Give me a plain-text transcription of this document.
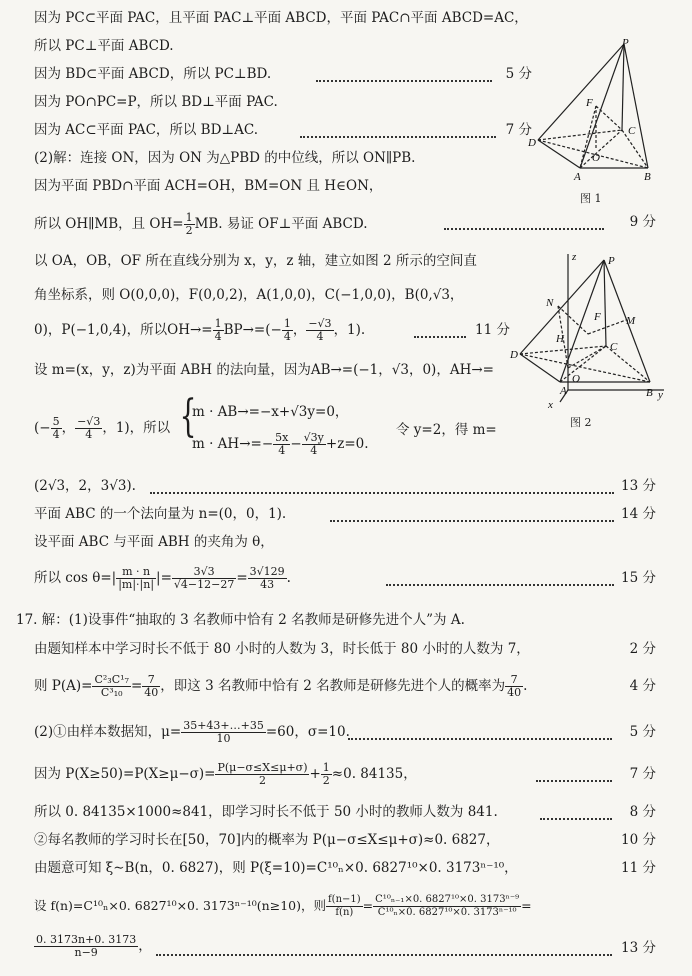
因为 PC⊂平面 PAC，且平面 PAC⊥平面 ABCD，平面 PAC∩平面 ABCD=AC，
所以 PC⊥平面 ABCD.
因为 BD⊂平面 ABCD，所以 PC⊥BD.	5 分
因为 PO∩PC=P，所以 BD⊥平面 PAC.
因为 AC⊂平面 PAC，所以 BD⊥AC.	7 分
(2)解：连接 ON，因为 ON 为△PBD 的中位线，所以 ON∥PB.
因为平面 PBD∩平面 ACH=OH，BM=ON 且 H∈ON，
所以 OH∥MB，且 $OH= \frac{1}{2}$ MB. 易证 OF⊥平面 ABCD.	9 分
以 OA，OB，OF 所在直线分别为 x，y，z 轴，建立如图 2 所示的空间直
角坐标系，则 O(0,0,0)，F(0,0,2)，A(1,0,0)，C(−1,0,0)，B(0,√3，
0)，P(−1,0,4)，所以$OH\to= \frac{1}{4} BP\to=(- \frac{1}{4}$ ， $\frac{-√3}{4}$ ，1).	11 分
设 m=(x，y，z)为平面 ABH 的法向量，因为AB→=(−1，√3，0)，AH→=
(− $\frac{5}{4}$ ， $\frac{-√3}{4}$ ，1)，所以 {
m · AB→=−x+√3y=0，
$m \cdot AH\to=- \frac{5x}{4} - \frac{√3y}{4} +z=0$.
令 y=2，得 m=
(2√3，2，3√3).	13 分
平面 ABC 的一个法向量为 n=(0，0，1).	14 分
设平面 ABC 与平面 ABH 的夹角为 θ，
所以 $\cos \theta=| \frac{m \cdot n}{|m|\cdot|n|}$ |= $\frac{3√3}{√4-12-27} = \frac{3√129}{43}$ .	15 分
17. 解：(1)设事件“抽取的 3 名教师中恰有 2 名教师是研修先进个人”为 A.
由题知样本中学习时长不低于 80 小时的人数为 3，时长低于 80 小时的人数为 7，	2 分
则 $P(A)= \frac{\text{C²₃C¹₇}}{\text{C³₁₀}} = \frac{7}{40}$ ，即这 3 名教师中恰有 2 名教师是研修先进个人的概率为 $\frac{7}{40}$ .	4 分
(2)①由样本数据知，$\mu= \frac{35+43+\dots+35}{10} =60$，σ=10.	5 分
因为 $P(X\ge 50)=P(X\ge\mu-\sigma)= \frac{P(\mu-\sigma\le X\le\mu+\sigma)}{2} + \frac{1}{2} \approx 0$. 84135，	7 分
所以 0. 84135×1000≈841，即学习时长不低于 50 小时的教师人数为 841.	8 分
②每名教师的学习时长在[50，70]内的概率为 P(μ−σ≤X≤μ+σ)≈0. 6827，	10 分
由题意可知 ξ∼B(n，0. 6827)，则 P(ξ=10)=C¹⁰ₙ×0. 6827¹⁰×0. 3173ⁿ⁻¹⁰，	11 分
设 f(n)=C¹⁰ₙ×0. 6827¹⁰×0. 3173ⁿ⁻¹⁰(n≥10)，则 $\frac{f(n-1)}{f(n)} = \frac{\text{C¹⁰ₙ₋₁×0. 6827¹⁰×0. 3173ⁿ⁻⁹}}{\text{C¹⁰ₙ×0. 6827¹⁰×0. 3173ⁿ⁻¹⁰}}$ =
$\frac{0. 3173n+0. 3173}{n-9}$ ，	13 分
P
F
C
D
O
A	B
图 1
z	P
N
F M
H
C
D
O
A	B
x
y
图 2
